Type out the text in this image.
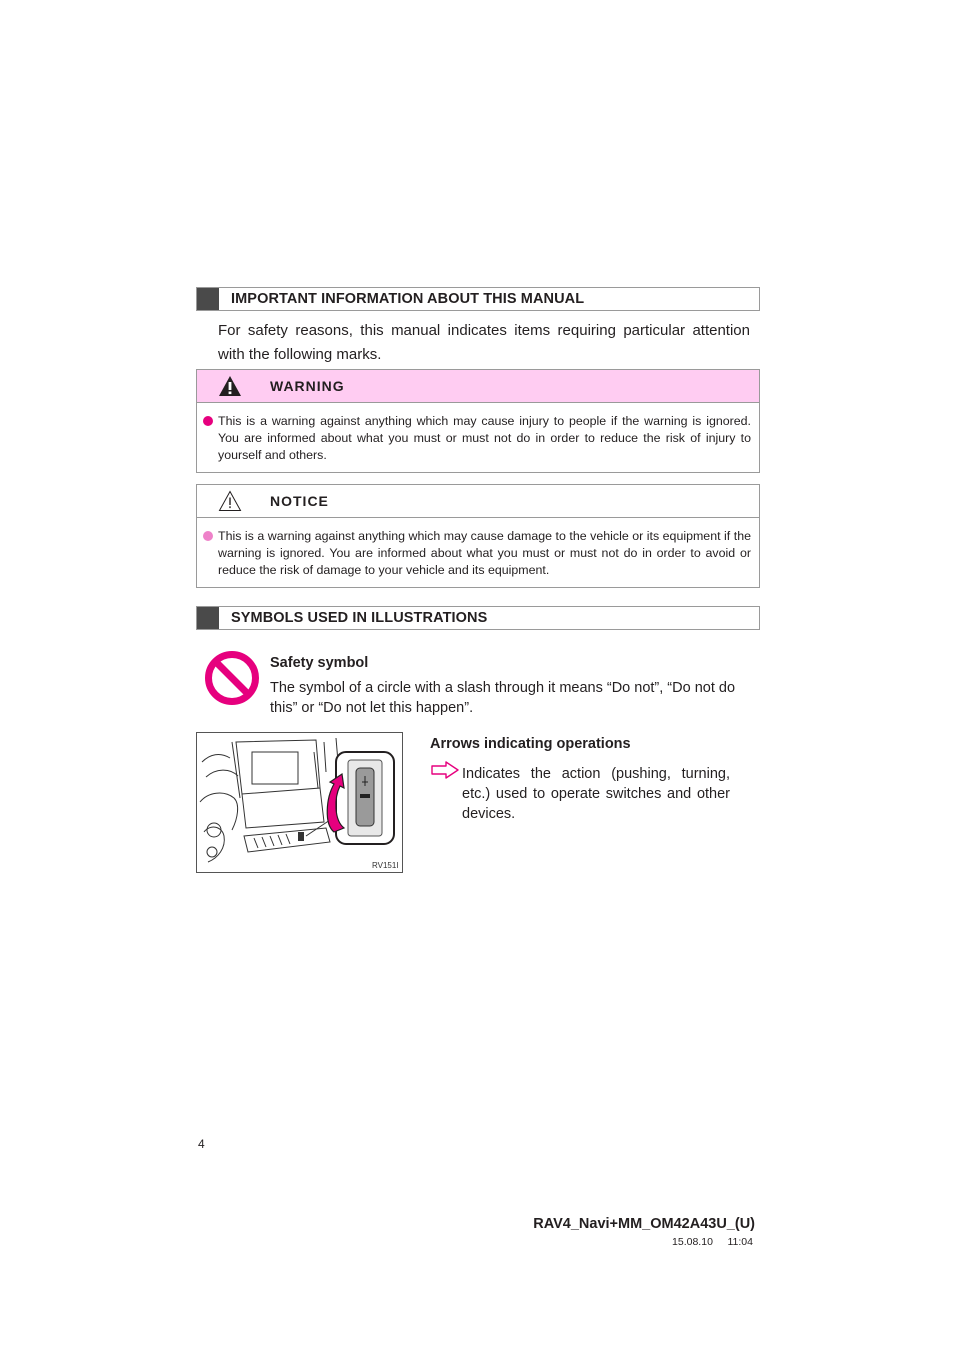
IMPORTANT INFORMATION ABOUT THIS MANUAL

For safety reasons, this manual indicates items requiring particular attention with the following marks.

WARNING
This is a warning against anything which may cause injury to people if the warning is ignored. You are informed about what you must or must not do in order to reduce the risk of injury to yourself and others.
NOTICE
This is a warning against anything which may cause damage to the vehicle or its equipment if the warning is ignored. You are informed about what you must or must not do in order to avoid or reduce the risk of damage to your vehicle and its equipment.
SYMBOLS USED IN ILLUSTRATIONS
Safety symbol

The symbol of a circle with a slash through it means “Do not”, “Do not do this” or “Do not let this happen”.

RV151I
Arrows indicating operations

Indicates the action (pushing, turning, etc.) used to operate switches and other devices.

4
RAV4_Navi+MM_OM42A43U_(U)
15.08.10     11:04
